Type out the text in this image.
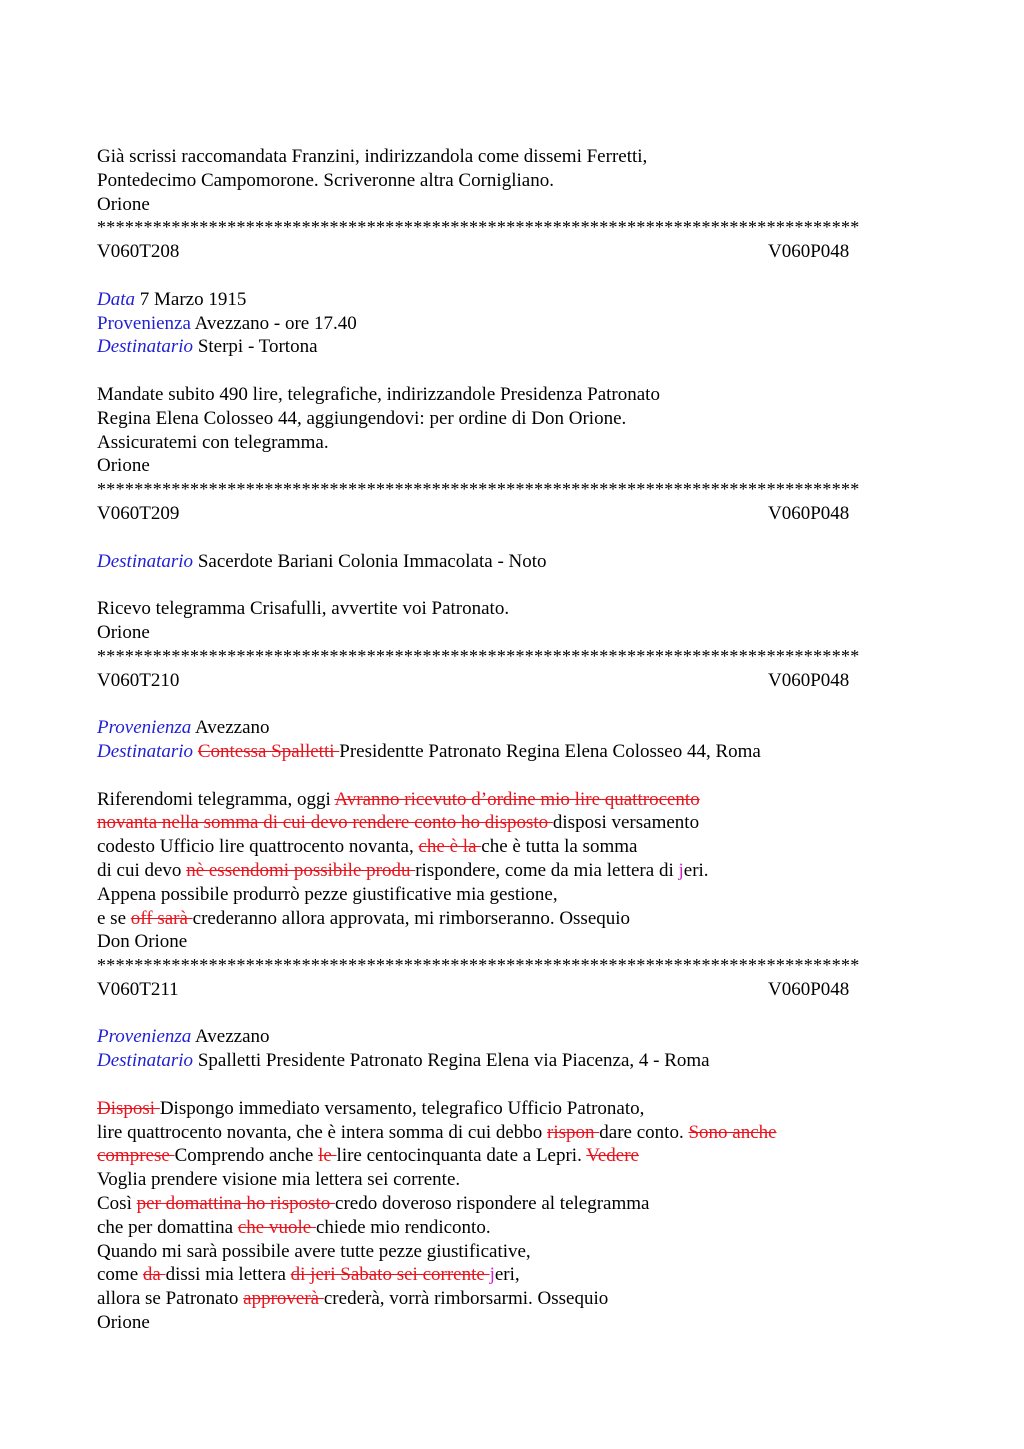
Già scrissi raccomandata Franzini, indirizzandola come dissemi Ferretti,
Pontedecimo Campomorone. Scriveronne altra Cornigliano.
Orione
**********************************************************************************
V060T208	V060P048
Data 7 Marzo 1915
Provenienza Avezzano - ore 17.40
Destinatario Sterpi - Tortona
Mandate subito 490 lire, telegrafiche, indirizzandole Presidenza Patronato
Regina Elena Colosseo 44, aggiungendovi: per ordine di Don Orione.
Assicuratemi con telegramma.
Orione
**********************************************************************************
V060T209	V060P048
Destinatario Sacerdote Bariani Colonia Immacolata - Noto
Ricevo telegramma Crisafulli, avvertite voi Patronato.
Orione
**********************************************************************************
V060T210	V060P048
Provenienza Avezzano
Destinatario Contessa Spalletti Presidentte Patronato Regina Elena Colosseo 44, Roma
Riferendomi telegramma, oggi Avranno ricevuto d’ordine mio lire quattrocento
novanta nella somma di cui devo rendere conto ho disposto disposi versamento
codesto Ufficio lire quattrocento novanta, che è la che è tutta la somma
di cui devo nè essendomi possibile produ rispondere, come da mia lettera di jeri.
Appena possibile produrrò pezze giustificative mia gestione,
e se off sarà crederanno allora approvata, mi rimborseranno. Ossequio
Don Orione
**********************************************************************************
V060T211	V060P048
Provenienza Avezzano
Destinatario Spalletti Presidente Patronato Regina Elena via Piacenza, 4 - Roma
Disposi Dispongo immediato versamento, telegrafico Ufficio Patronato,
lire quattrocento novanta, che è intera somma di cui debbo rispon dare conto. Sono anche
comprese Comprendo anche le lire centocinquanta date a Lepri. Vedere
Voglia prendere visione mia lettera sei corrente.
Così per domattina ho risposto credo doveroso rispondere al telegramma
che per domattina che vuole chiede mio rendiconto.
Quando mi sarà possibile avere tutte pezze giustificative,
come da dissi mia lettera di jeri Sabato sei corrente jeri,
allora se Patronato approverà crederà, vorrà rimborsarmi. Ossequio
Orione
